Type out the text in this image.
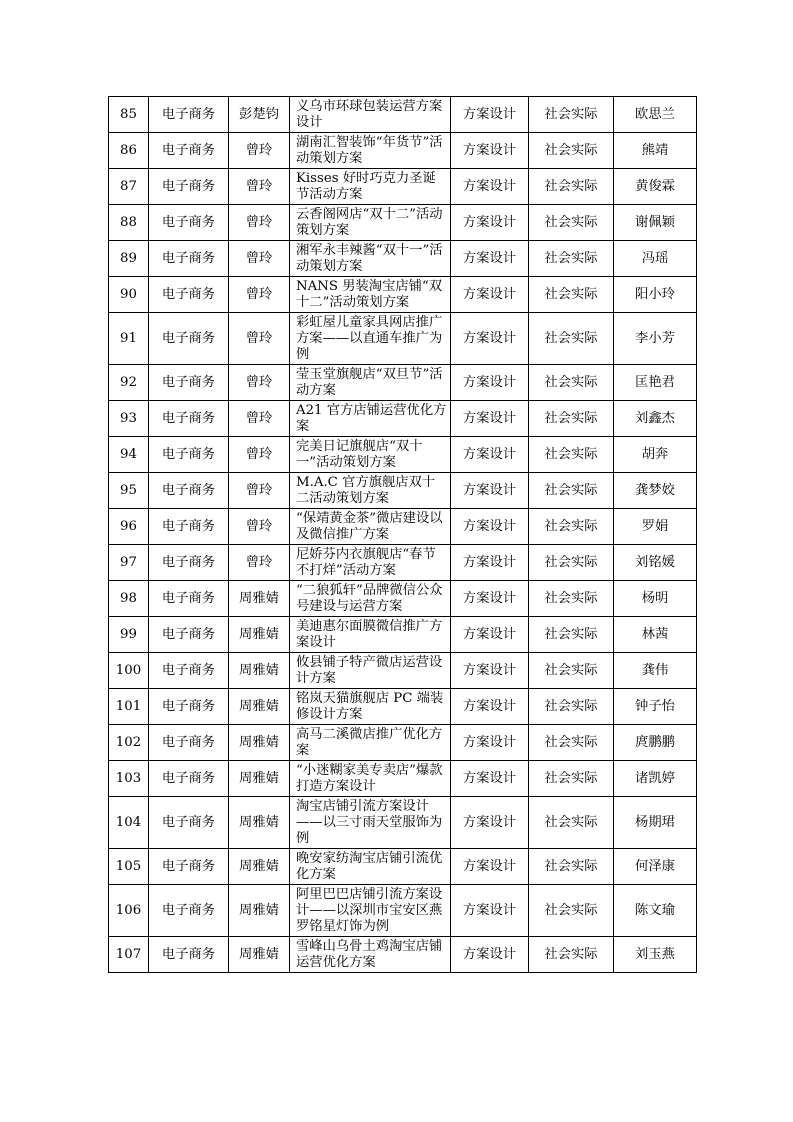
85	电子商务	彭楚钧	义乌市环球包装运营方案设计	方案设计	社会实际	欧思兰
86	电子商务	曾玲	湖南汇智装饰“年货节”活动策划方案	方案设计	社会实际	熊靖
87	电子商务	曾玲	Kisses 好时巧克力圣诞节活动方案	方案设计	社会实际	黄俊霖
88	电子商务	曾玲	云香阁网店“双十二”活动策划方案	方案设计	社会实际	谢佩颖
89	电子商务	曾玲	湘军永丰辣酱“双十一”活动策划方案	方案设计	社会实际	冯瑶
90	电子商务	曾玲	NANS 男装淘宝店铺“双十二”活动策划方案	方案设计	社会实际	阳小玲
91	电子商务	曾玲	彩虹屋儿童家具网店推广方案——以直通车推广为例	方案设计	社会实际	李小芳
92	电子商务	曾玲	莹玉堂旗舰店“双旦节”活动方案	方案设计	社会实际	匡艳君
93	电子商务	曾玲	A21 官方店铺运营优化方案	方案设计	社会实际	刘鑫杰
94	电子商务	曾玲	完美日记旗舰店“双十一”活动策划方案	方案设计	社会实际	胡奔
95	电子商务	曾玲	M.A.C 官方旗舰店双十二活动策划方案	方案设计	社会实际	龚梦姣
96	电子商务	曾玲	“保靖黄金茶”微店建设以及微信推广方案	方案设计	社会实际	罗娟
97	电子商务	曾玲	尼娇芬内衣旗舰店“春节不打烊”活动方案	方案设计	社会实际	刘铭媛
98	电子商务	周雅婧	“二狼狐轩”品牌微信公众号建设与运营方案	方案设计	社会实际	杨明
99	电子商务	周雅婧	美迪惠尔面膜微信推广方案设计	方案设计	社会实际	林茜
100	电子商务	周雅婧	攸县铺子特产微店运营设计方案	方案设计	社会实际	龚伟
101	电子商务	周雅婧	铭岚天猫旗舰店 PC 端装修设计方案	方案设计	社会实际	钟子怡
102	电子商务	周雅婧	高马二溪微店推广优化方案	方案设计	社会实际	庹鹏鹏
103	电子商务	周雅婧	“小迷糊家美专卖店”爆款打造方案设计	方案设计	社会实际	诸凯婷
104	电子商务	周雅婧	淘宝店铺引流方案设计——以三寸雨天堂服饰为例	方案设计	社会实际	杨期珺
105	电子商务	周雅婧	晚安家纺淘宝店铺引流优化方案	方案设计	社会实际	何泽康
106	电子商务	周雅婧	阿里巴巴店铺引流方案设计——以深圳市宝安区燕罗铭星灯饰为例	方案设计	社会实际	陈文瑜
107	电子商务	周雅婧	雪峰山乌骨土鸡淘宝店铺运营优化方案	方案设计	社会实际	刘玉燕
